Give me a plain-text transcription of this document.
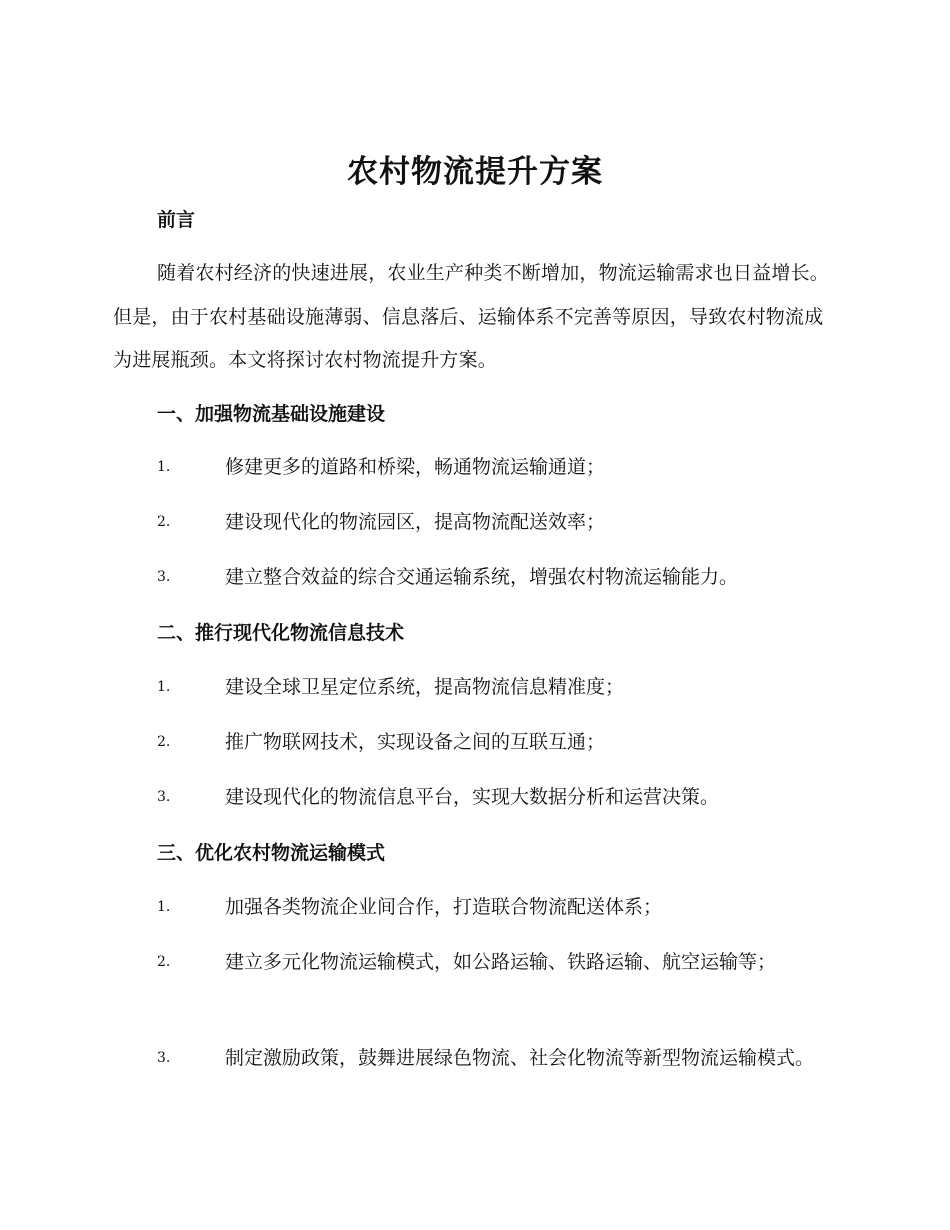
农村物流提升方案
前言
随着农村经济的快速进展，农业生产种类不断增加，物流运输需求也日益增长。但是，由于农村基础设施薄弱、信息落后、运输体系不完善等原因，导致农村物流成为进展瓶颈。本文将探讨农村物流提升方案。
一、加强物流基础设施建设
1.	修建更多的道路和桥梁，畅通物流运输通道；
2.	建设现代化的物流园区，提高物流配送效率；
3.	建立整合效益的综合交通运输系统，增强农村物流运输能力。
二、推行现代化物流信息技术
1.	建设全球卫星定位系统，提高物流信息精准度；
2.	推广物联网技术，实现设备之间的互联互通；
3.	建设现代化的物流信息平台，实现大数据分析和运营决策。
三、优化农村物流运输模式
1.	加强各类物流企业间合作，打造联合物流配送体系；
2.	建立多元化物流运输模式，如公路运输、铁路运输、航空运输等；
3.	制定激励政策，鼓舞进展绿色物流、社会化物流等新型物流运输模式。
